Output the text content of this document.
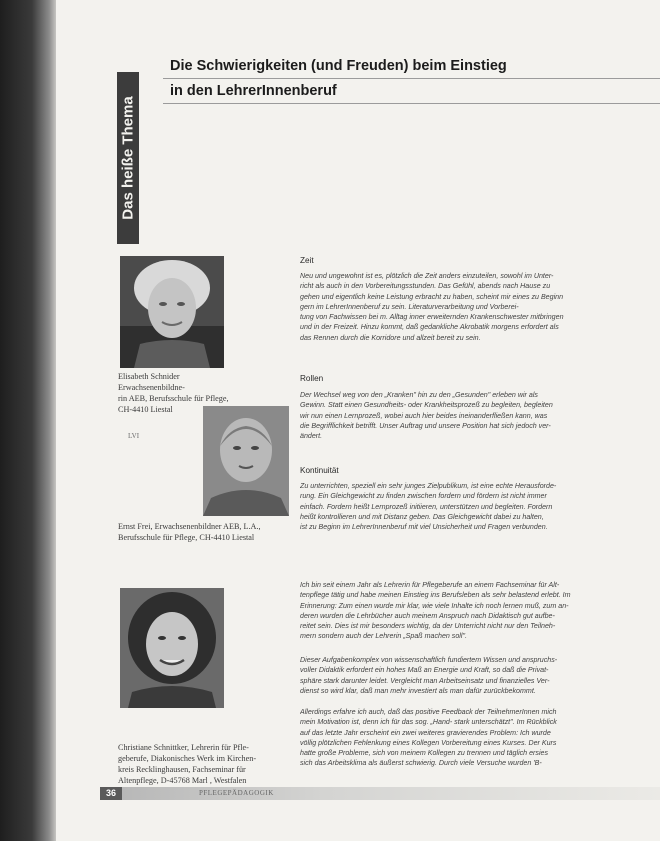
Das heiße Thema
Die Schwierigkeiten (und Freuden) beim Einstieg
in den LehrerInnenberuf

Elisabeth Schnider Erwachsenenbildne-
rin AEB, Berufsschule für Pflege,
CH-4410 Liestal

LVI

Ernst Frei, Erwachsenenbildner AEB, L.A.,
Berufsschule für Pflege, CH-4410 Liestal

Christiane Schnittker, Lehrerin für Pfle-
geberufe, Diakonisches Werk im Kirchen-
kreis Recklinghausen, Fachseminar für
Altenpflege, D-45768 Marl , Westfalen

Zeit

Neu und ungewohnt ist es, plötzlich die Zeit anders einzuteilen, sowohl im Unter-
richt als auch in den Vorbereitungsstunden. Das Gefühl, abends nach Hause zu
gehen und eigentlich keine Leistung erbracht zu haben, scheint mir eines zu Beginn
gern im LehrerInnenberuf zu sein. Literaturverarbeitung und Vorberei-
tung von Fachwissen bei m. Alltag inner erweiternden Krankenschwester mitbringen
und in der Freizeit. Hinzu kommt, daß gedankliche Akrobatik morgens erfordert als
das Rennen durch die Korridore und allzeit bereit zu sein.

Rollen

Der Wechsel weg von den „Kranken" hin zu den „Gesunden" erleben wir als
Gewinn. Statt einen Gesundheits- oder Krankheitsprozeß zu begleiten, begleiten
wir nun einen Lernprozeß, wobei auch hier beides ineinanderfließen kann, was
die Begrifflichkeit betrifft. Unser Auftrag und unsere Position hat sich jedoch ver-
ändert.

Kontinuität

Zu unterrichten, speziell ein sehr junges Zielpublikum, ist eine echte Herausforde-
rung. Ein Gleichgewicht zu finden zwischen fordern und fördern ist nicht immer
einfach. Fordern heißt Lernprozeß initiieren, unterstützen und begleiten. Fordern
heißt kontrollieren und mit Distanz geben. Das Gleichgewicht dabei zu halten,
ist zu Beginn im LehrerInnenberuf mit viel Unsicherheit und Fragen verbunden.

Ich bin seit einem Jahr als Lehrerin für Pflegeberufe an einem Fachseminar für Alt-
tenpflege tätig und habe meinen Einstieg ins Berufsleben als sehr belastend erlebt. Im
Erinnerung: Zum einen wurde mir klar, wie viele Inhalte ich noch lernen muß, zum an-
deren wurden die Lehrbücher auch meinem Anspruch nach Didaktisch gut aufbe-
reitet sein. Dies ist mir besonders wichtig, da der Unterricht nicht nur den Teilneh-
mern sondern auch der Lehrerin „Spaß machen soll".

Dieser Aufgabenkomplex von wissenschaftlich fundiertem Wissen und anspruchs-
voller Didaktik erfordert ein hohes Maß an Energie und Kraft, so daß die Privat-
sphäre stark darunter leidet. Vergleicht man Arbeitseinsatz und finanzielles Ver-
dienst so wird klar, daß man mehr investiert als man dafür zurückbekommt.

Allerdings erfahre ich auch, daß das positive Feedback der TeilnehmerInnen mich
mein Motivation ist, denn ich für das sog. „Hand- stark unterschätzt". Im Rückblick
auf das letzte Jahr erscheint ein zwei weiteres gravierendes Problem: Ich wurde
völlig plötzlichen Fehlenkung eines Kollegen Vorbereitung eines Kurses. Der Kurs
hatte große Probleme, sich von meinem Kollegen zu trennen und täglich ersies
sich das Arbeitsklima als äußerst schwierig. Durch viele Versuche wurden 'B-

36	PFLEGEPÄDAGOGIK
